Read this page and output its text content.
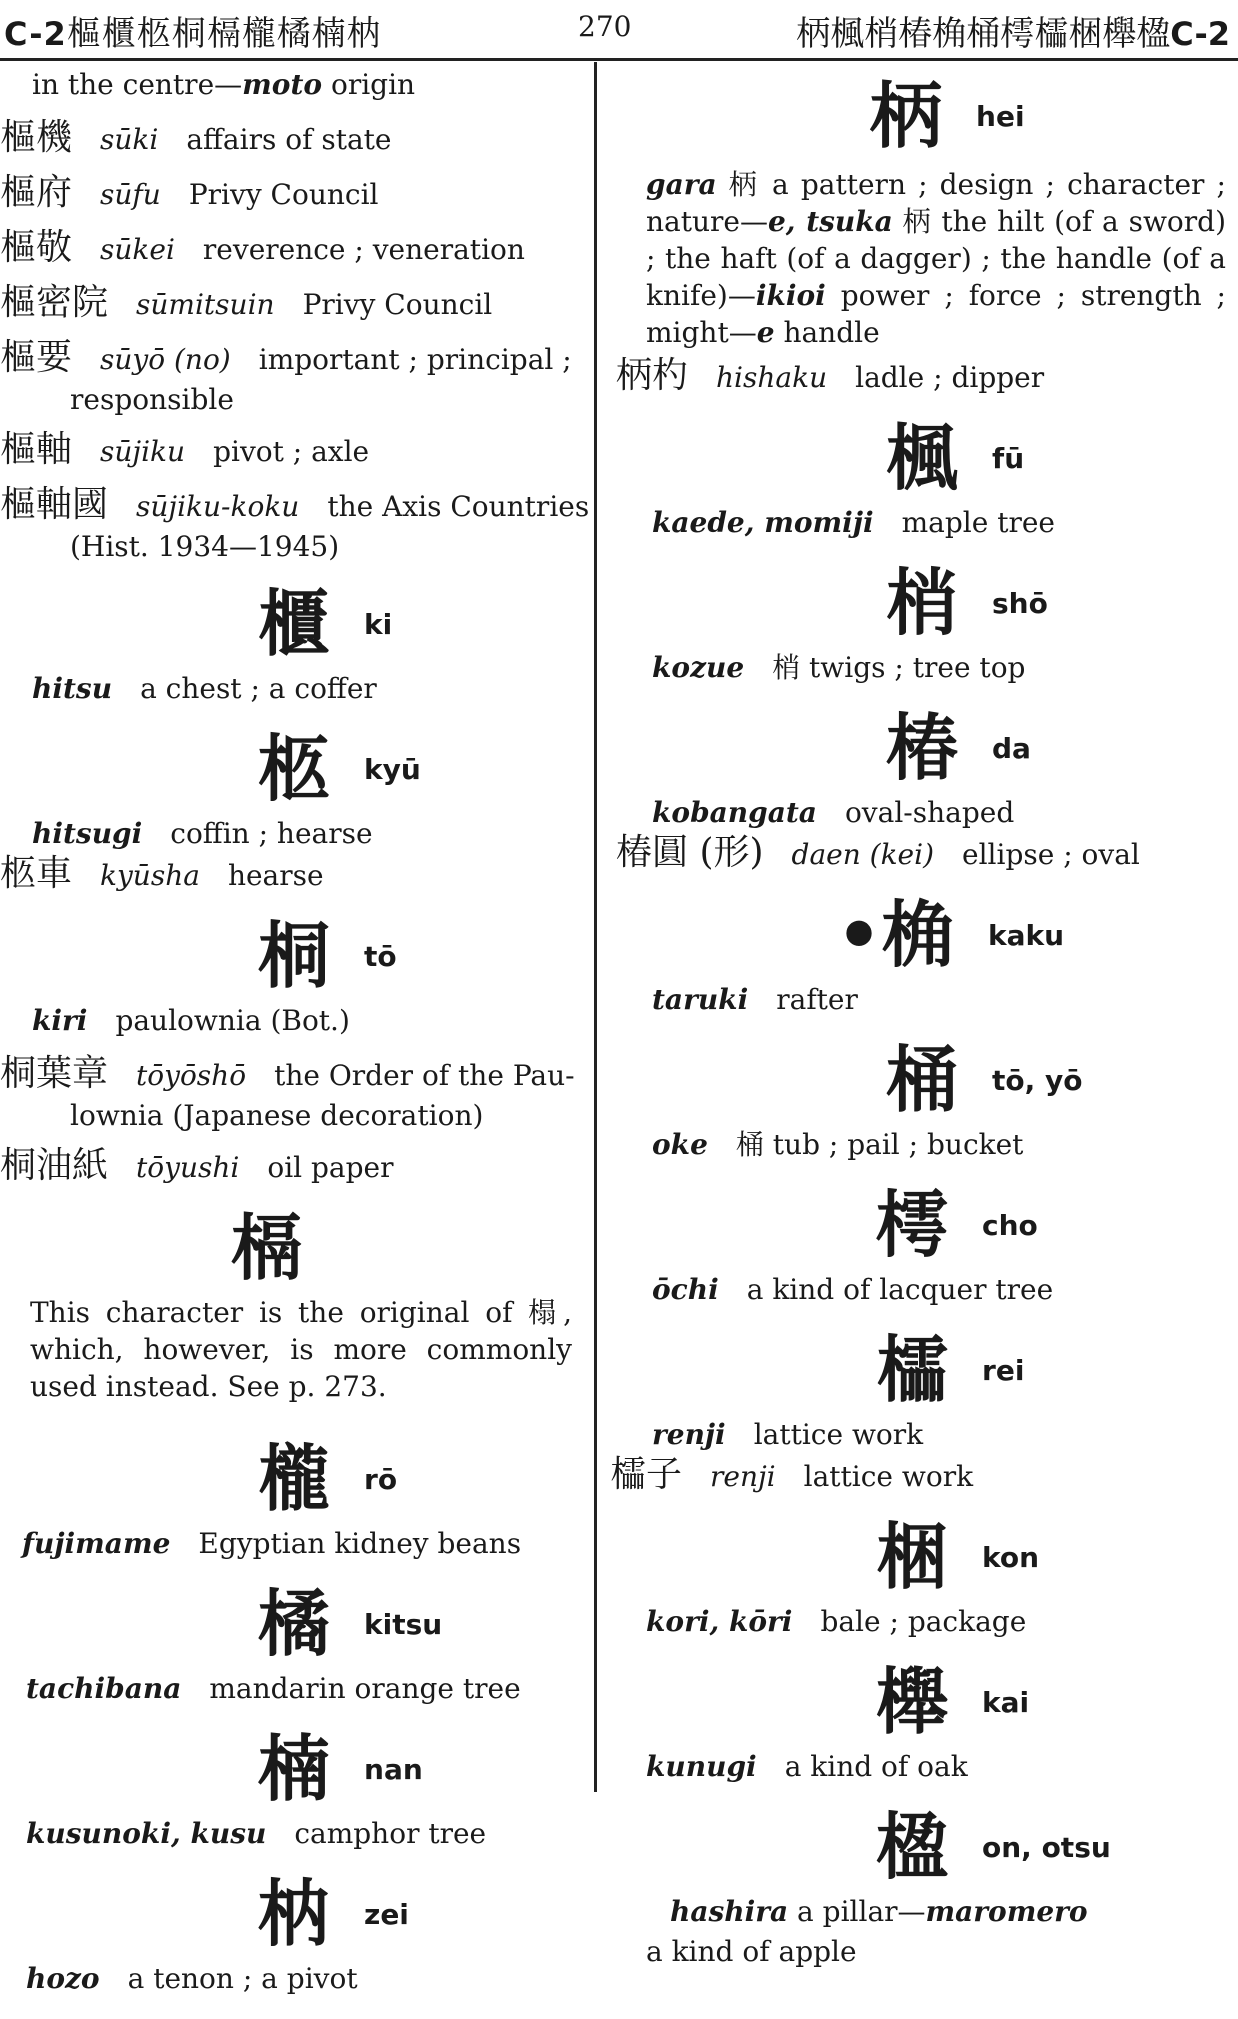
C-2樞櫃柩桐槅櫳橘楠枘	270	柄楓梢椿桷桶樗櫺梱櫸楹C-2
in the centre—moto origin
樞機 sūki affairs of state
樞府 sūfu Privy Council
樞敬 sūkei reverence ; veneration
樞密院 sūmitsuin Privy Council
樞要 sūyō (no) important ; principal ;
responsible
樞軸 sūjiku pivot ; axle
樞軸國 sūjiku-koku the Axis Countries
(Hist. 1934—1945)
櫃 ki
hitsu a chest ; a coffer
柩 kyū
hitsugi coffin ; hearse
柩車 kyūsha hearse
桐 tō
kiri paulownia (Bot.)
桐葉章 tōyōshō the Order of the Pau-
lownia (Japanese decoration)
桐油紙 tōyushi oil paper
槅
This character is the original of 榻, which, however, is more commonly used instead. See p. 273.
櫳 rō
fujimame Egyptian kidney beans
橘 kitsu
tachibana mandarin orange tree
楠 nan
kusunoki, kusu camphor tree
枘 zei
hozo a tenon ; a pivot
柄 hei
gara 柄 a pattern ; design ; character ; nature—e, tsuka 柄 the hilt (of a sword) ; the haft (of a dagger) ; the handle (of a knife)—ikioi power ; force ; strength ; might—e handle
柄杓 hishaku ladle ; dipper
楓 fū
kaede, momiji maple tree
梢 shō
kozue 梢 twigs ; tree top
椿 da
kobangata oval-shaped
椿圓 (形) daen (kei) ellipse ; oval
•桷 kaku
taruki rafter
桶 tō, yō
oke 桶 tub ; pail ; bucket
樗 cho
ōchi a kind of lacquer tree
櫺 rei
renji lattice work
櫺子 renji lattice work
梱 kon
kori, kōri bale ; package
櫸 kai
kunugi a kind of oak
楹 on, otsu
hashira a pillar—maromero
a kind of apple
